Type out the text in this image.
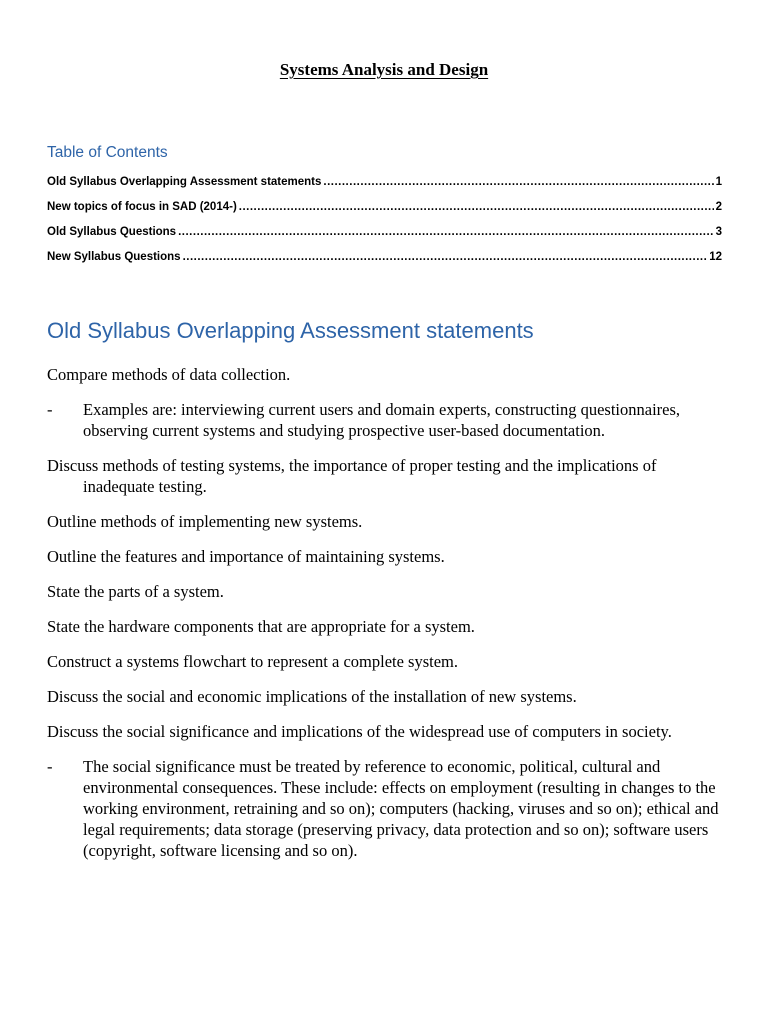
Systems Analysis and Design
Table of Contents
Old Syllabus Overlapping Assessment statements .....	1
New topics of focus in SAD (2014-) .....	2
Old Syllabus Questions .....	3
New Syllabus Questions .....	12
Old Syllabus Overlapping Assessment statements

Compare methods of data collection.

-	Examples are: interviewing current users and domain experts, constructing questionnaires, observing current systems and studying prospective user-based documentation.

Discuss methods of testing systems, the importance of proper testing and the implications of inadequate testing.

Outline methods of implementing new systems.

Outline the features and importance of maintaining systems.

State the parts of a system.

State the hardware components that are appropriate for a system.

Construct a systems flowchart to represent a complete system.

Discuss the social and economic implications of the installation of new systems.

Discuss the social significance and implications of the widespread use of computers in society.

-	The social significance must be treated by reference to economic, political, cultural and environmental consequences. These include: effects on employment (resulting in changes to the working environment, retraining and so on); computers (hacking, viruses and so on); ethical and legal requirements; data storage (preserving privacy, data protection and so on); software users (copyright, software licensing and so on).
